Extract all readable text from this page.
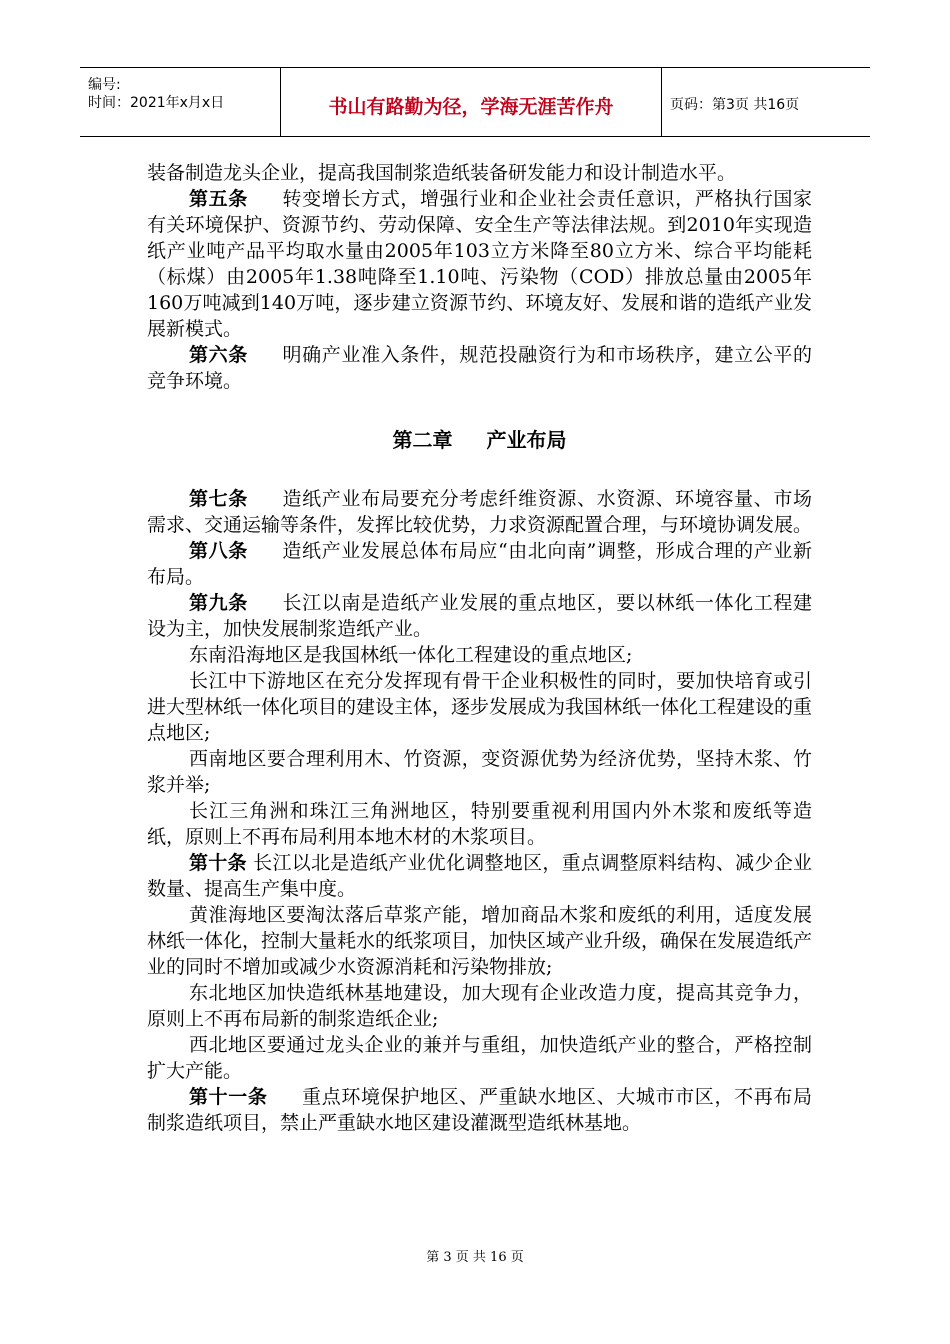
编号:
时间：2021年x月x日	书山有路勤为径，学海无涯苦作舟	页码：第3页 共16页

装备制造龙头企业，提高我国制浆造纸装备研发能力和设计制造水平。

第五条 转变增长方式，增强行业和企业社会责任意识，严格执行国家有关环境保护、资源节约、劳动保障、安全生产等法律法规。到2010年实现造纸产业吨产品平均取水量由2005年103立方米降至80立方米、综合平均能耗（标煤）由2005年1.38吨降至1.10吨、污染物（COD）排放总量由2005年160万吨减到140万吨，逐步建立资源节约、环境友好、发展和谐的造纸产业发展新模式。

第六条 明确产业准入条件，规范投融资行为和市场秩序，建立公平的竞争环境。

第二章 产业布局

第七条 造纸产业布局要充分考虑纤维资源、水资源、环境容量、市场需求、交通运输等条件，发挥比较优势，力求资源配置合理，与环境协调发展。

第八条 造纸产业发展总体布局应“由北向南”调整，形成合理的产业新布局。

第九条 长江以南是造纸产业发展的重点地区，要以林纸一体化工程建设为主，加快发展制浆造纸产业。

东南沿海地区是我国林纸一体化工程建设的重点地区;

长江中下游地区在充分发挥现有骨干企业积极性的同时，要加快培育或引进大型林纸一体化项目的建设主体，逐步发展成为我国林纸一体化工程建设的重点地区;

西南地区要合理利用木、竹资源，变资源优势为经济优势，坚持木浆、竹浆并举;

长江三角洲和珠江三角洲地区，特别要重视利用国内外木浆和废纸等造纸，原则上不再布局利用本地木材的木浆项目。

第十条 长江以北是造纸产业优化调整地区，重点调整原料结构、减少企业数量、提高生产集中度。

黄淮海地区要淘汰落后草浆产能，增加商品木浆和废纸的利用，适度发展林纸一体化，控制大量耗水的纸浆项目，加快区域产业升级，确保在发展造纸产业的同时不增加或减少水资源消耗和污染物排放;

东北地区加快造纸林基地建设，加大现有企业改造力度，提高其竞争力，原则上不再布局新的制浆造纸企业;

西北地区要通过龙头企业的兼并与重组，加快造纸产业的整合，严格控制扩大产能。

第十一条 重点环境保护地区、严重缺水地区、大城市市区，不再布局制浆造纸项目，禁止严重缺水地区建设灌溉型造纸林基地。

第 3 页 共 16 页
